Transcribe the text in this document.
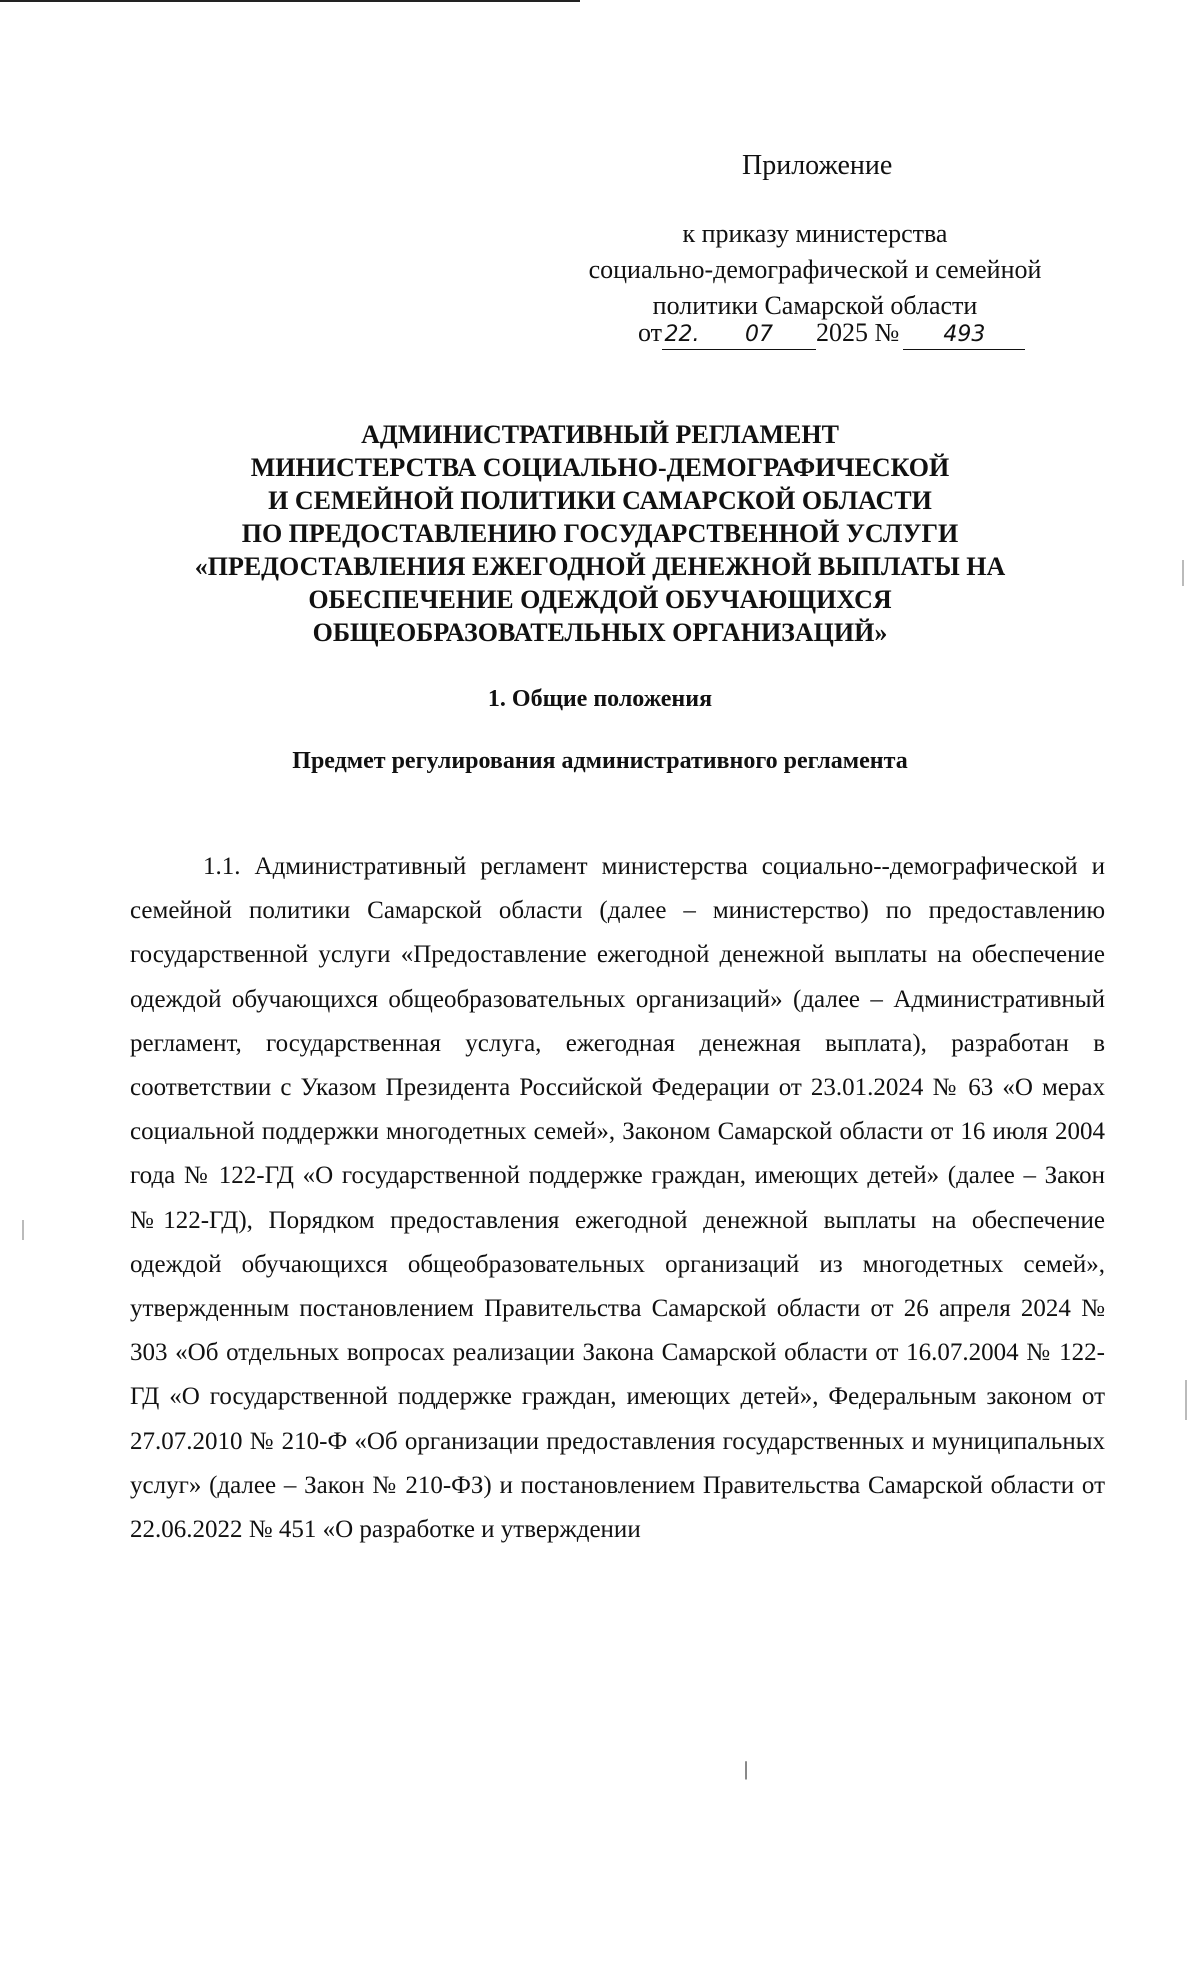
Приложение
к приказу министерства
социально-демографической и семейной
политики Самарской области
от 22. 07 2025 № 493
АДМИНИСТРАТИВНЫЙ РЕГЛАМЕНТ
МИНИСТЕРСТВА СОЦИАЛЬНО-ДЕМОГРАФИЧЕСКОЙ
И СЕМЕЙНОЙ ПОЛИТИКИ САМАРСКОЙ ОБЛАСТИ
ПО ПРЕДОСТАВЛЕНИЮ ГОСУДАРСТВЕННОЙ УСЛУГИ
«ПРЕДОСТАВЛЕНИЯ ЕЖЕГОДНОЙ ДЕНЕЖНОЙ ВЫПЛАТЫ НА
ОБЕСПЕЧЕНИЕ ОДЕЖДОЙ ОБУЧАЮЩИХСЯ
ОБЩЕОБРАЗОВАТЕЛЬНЫХ ОРГАНИЗАЦИЙ»
1. Общие положения
Предмет регулирования административного регламента

1.1. Административный регламент министерства социально--демографической и семейной политики Самарской области (далее – министерство) по предоставлению государственной услуги «Предоставление ежегодной денежной выплаты на обеспечение одеждой обучающихся общеобразовательных организаций» (далее – Административный регламент, государственная услуга, ежегодная денежная выплата), разработан в соответствии с Указом Президента Российской Федерации от 23.01.2024 № 63 «О мерах социальной поддержки многодетных семей», Законом Самарской области от 16 июля 2004 года № 122-ГД «О государственной поддержке граждан, имеющих детей» (далее – Закон №122-ГД), Порядком предоставления ежегодной денежной выплаты на обеспечение одеждой обучающихся общеобразовательных организаций из многодетных семей», утвержденным постановлением Правительства Самарской области от 26 апреля 2024 № 303 «Об отдельных вопросах реализации Закона Самарской области от 16.07.2004 № 122-ГД «О государственной поддержке граждан, имеющих детей», Федеральным законом от 27.07.2010 № 210-Ф «Об организации предоставления государственных и муниципальных услуг» (далее – Закон № 210-ФЗ) и постановлением Правительства Самарской области от 22.06.2022 № 451 «О разработке и утверждении

|
